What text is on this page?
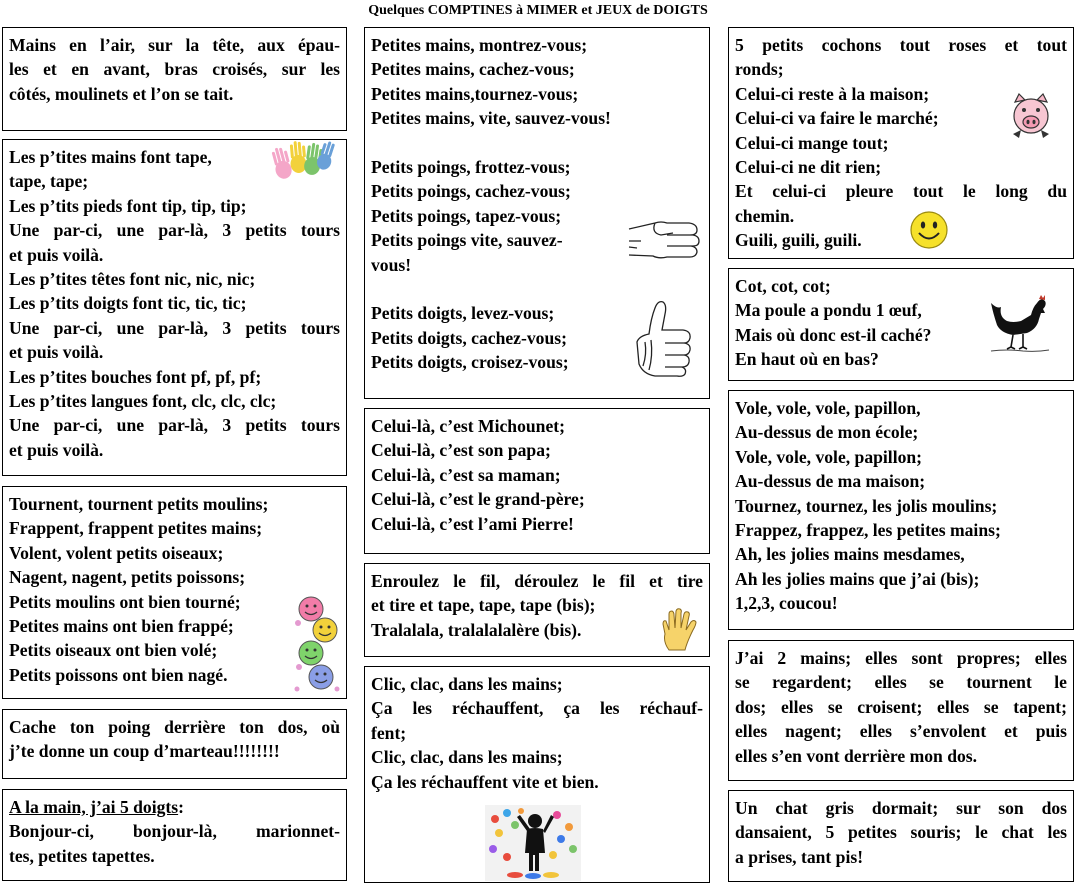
Quelques COMPTINES à MIMER et JEUX de DOIGTS
Mains en l’air, sur la tête, aux épau-
les et en avant, bras croisés, sur les
côtés, moulinets et l’on se tait.
Les p’tites mains font tape,
tape, tape;
Les p’tits pieds font tip, tip, tip;
Une par-ci, une par-là, 3 petits tours
et puis voilà.
Les p’tites têtes font nic, nic, nic;
Les p’tits doigts font tic, tic, tic;
Une par-ci, une par-là, 3 petits tours
et puis voilà.
Les p’tites bouches font pf, pf, pf;
Les p’tites langues font, clc, clc, clc;
Une par-ci, une par-là, 3 petits tours
et puis voilà.
Tournent, tournent petits moulins;
Frappent, frappent petites mains;
Volent, volent petits oiseaux;
Nagent, nagent, petits poissons;
Petits moulins ont bien tourné;
Petites mains ont bien frappé;
Petits oiseaux ont bien volé;
Petits poissons ont bien nagé.
Cache ton poing derrière ton dos, où
j’te donne un coup d’marteau!!!!!!!!
A la main, j’ai 5 doigts:
Bonjour-ci, bonjour-là, marionnet-
tes, petites tapettes.
Petites mains, montrez-vous;
Petites mains, cachez-vous;
Petites mains,tournez-vous;
Petites mains, vite, sauvez-vous!
Petits poings, frottez-vous;
Petits poings, cachez-vous;
Petits poings, tapez-vous;
Petits poings vite, sauvez-
vous!
Petits doigts, levez-vous;
Petits doigts, cachez-vous;
Petits doigts, croisez-vous;
Celui-là, c’est Michounet;
Celui-là, c’est son papa;
Celui-là, c’est sa maman;
Celui-là, c’est le grand-père;
Celui-là, c’est l’ami Pierre!
Enroulez le fil, déroulez le fil et tire
et tire et tape, tape, tape (bis);
Tralalala, tralalalalère (bis).
Clic, clac, dans les mains;
Ça les réchauffent, ça les réchauf-
fent;
Clic, clac, dans les mains;
Ça les réchauffent vite et bien.
5 petits cochons tout roses et tout
ronds;
Celui-ci reste à la maison;
Celui-ci va faire le marché;
Celui-ci mange tout;
Celui-ci ne dit rien;
Et celui-ci pleure tout le long du
chemin.
Guili, guili, guili.
Cot, cot, cot;
Ma poule a pondu 1 œuf,
Mais où donc est-il caché?
En haut où en bas?
Vole, vole, vole, papillon,
Au-dessus de mon école;
Vole, vole, vole, papillon;
Au-dessus de ma maison;
Tournez, tournez, les jolis moulins;
Frappez, frappez, les petites mains;
Ah, les jolies mains mesdames,
Ah les jolies mains que j’ai (bis);
1,2,3, coucou!
J’ai 2 mains; elles sont propres; elles
se regardent; elles se tournent le
dos; elles se croisent; elles se tapent;
elles nagent; elles s’envolent et puis
elles s’en vont derrière mon dos.
Un chat gris dormait; sur son dos
dansaient, 5 petites souris; le chat les
a prises, tant pis!
